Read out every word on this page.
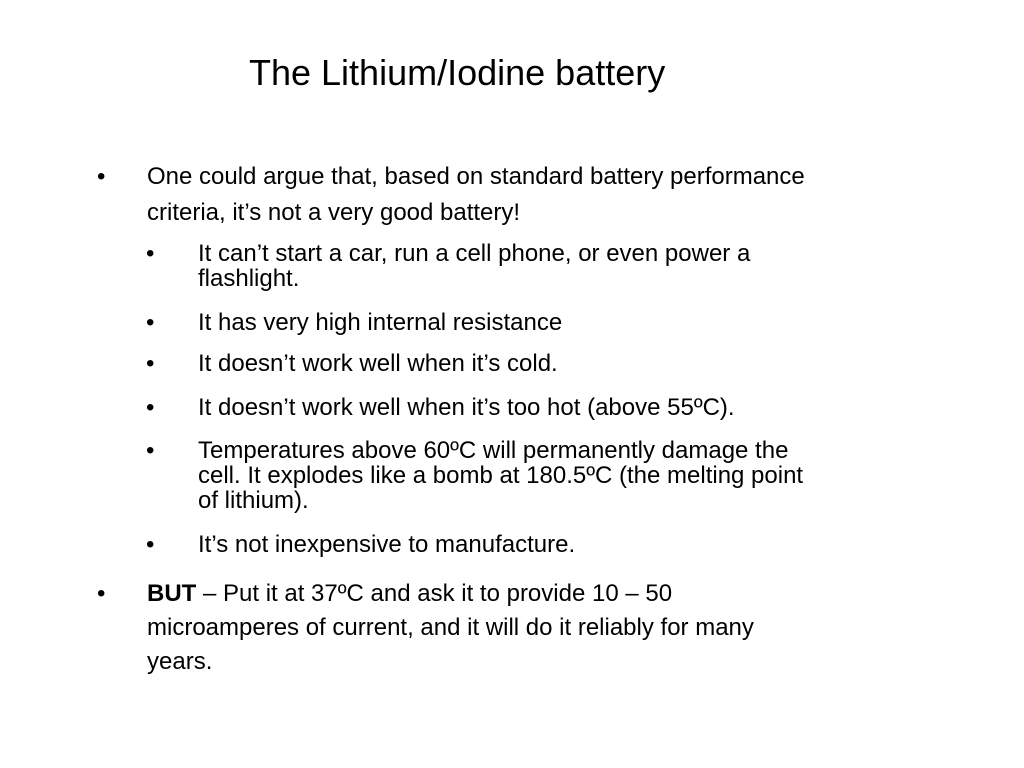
The Lithium/Iodine battery
• One could argue that, based on standard battery performance
criteria, it’s not a very good battery!
• It can’t start a car, run a cell phone, or even power a
flashlight.
• It has very high internal resistance
• It doesn’t work well when it’s cold.
• It doesn’t work well when it’s too hot (above 55ºC).
• Temperatures above 60ºC will permanently damage the
cell. It explodes like a bomb at 180.5ºC (the melting point
of lithium).
• It’s not inexpensive to manufacture.
• BUT – Put it at 37ºC and ask it to provide 10 – 50
microamperes of current, and it will do it reliably for many
years.
